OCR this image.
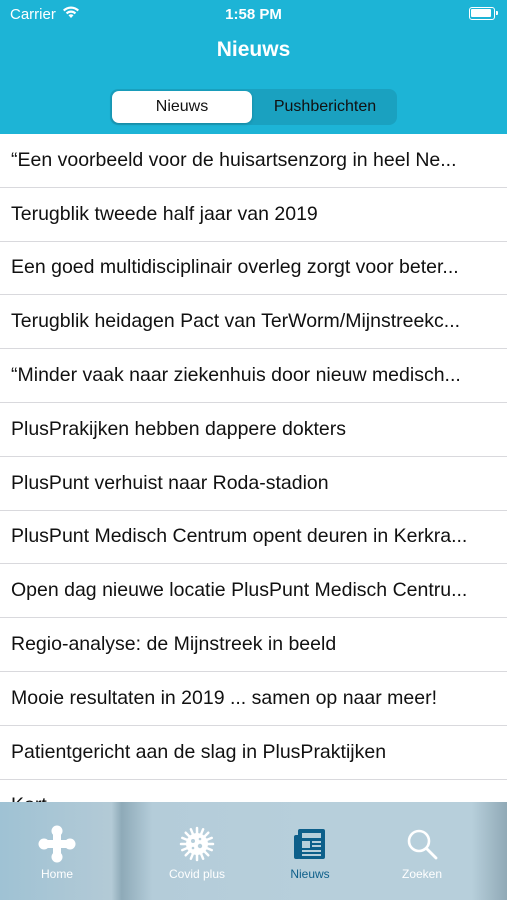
Carrier	1:58 PM
Nieuws
Nieuws	Pushberichten
“Een voorbeeld voor de huisartsenzorg in heel Ne...
Terugblik tweede half jaar van 2019
Een goed multidisciplinair overleg zorgt voor beter...
Terugblik heidagen Pact van TerWorm/Mijnstreekc...
“Minder vaak naar ziekenhuis door nieuw medisch...
PlusPrakijken hebben dappere dokters
PlusPunt verhuist naar Roda-stadion
PlusPunt Medisch Centrum opent deuren in Kerkra...
Open dag nieuwe locatie PlusPunt Medisch Centru...
Regio-analyse: de Mijnstreek in beeld
Mooie resultaten in 2019 ... samen op naar meer!
Patientgericht aan de slag in PlusPraktijken
Home	Covid plus	Nieuws	Zoeken
